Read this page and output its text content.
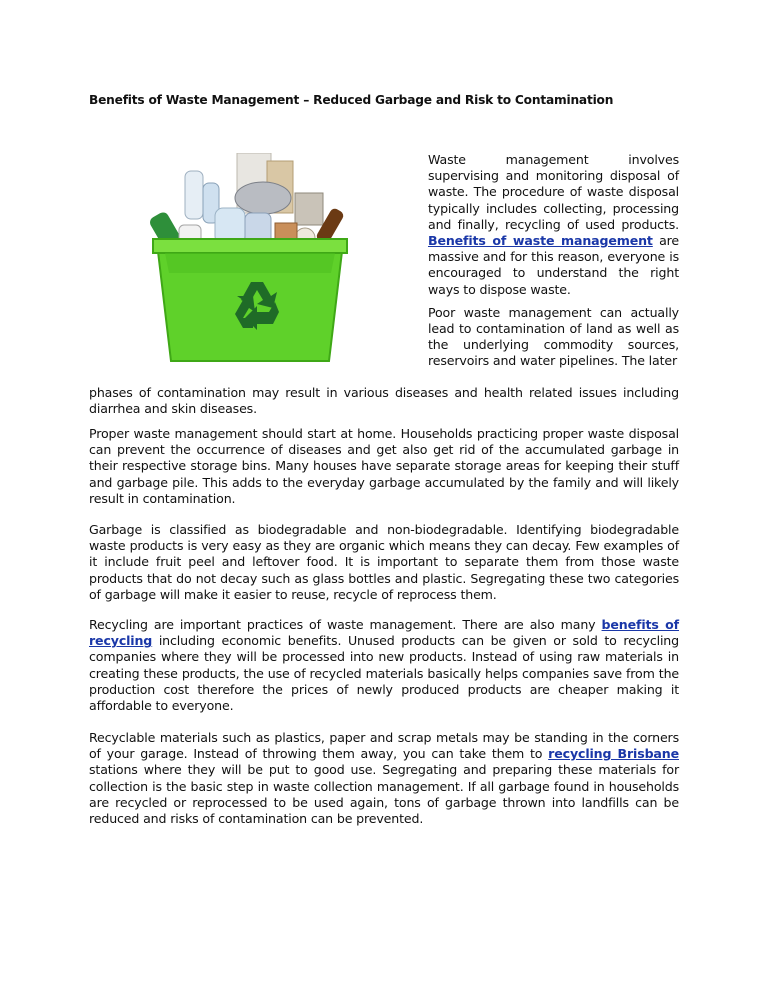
Benefits of Waste Management – Reduced Garbage and Risk to Contamination

Waste management involves supervising and monitoring disposal of waste. The procedure of waste disposal typically includes collecting, processing and finally, recycling of used products. Benefits of waste management are massive and for this reason, everyone is encouraged to understand the right ways to dispose waste.

Poor waste management can actually lead to contamination of land as well as the underlying commodity sources, reservoirs and water pipelines. The later

phases of contamination may result in various diseases and health related issues including diarrhea and skin diseases.

Proper waste management should start at home. Households practicing proper waste disposal can prevent the occurrence of diseases and get also get rid of the accumulated garbage in their respective storage bins. Many houses have separate storage areas for keeping their stuff and garbage pile. This adds to the everyday garbage accumulated by the family and will likely result in contamination.

Garbage is classified as biodegradable and non-biodegradable. Identifying biodegradable waste products is very easy as they are organic which means they can decay. Few examples of it include fruit peel and leftover food. It is important to separate them from those waste products that do not decay such as glass bottles and plastic. Segregating these two categories of garbage will make it easier to reuse, recycle of reprocess them.

Recycling are important practices of waste management. There are also many benefits of recycling including economic benefits. Unused products can be given or sold to recycling companies where they will be processed into new products. Instead of using raw materials in creating these products, the use of recycled materials basically helps companies save from the production cost therefore the prices of newly produced products are cheaper making it affordable to everyone.

Recyclable materials such as plastics, paper and scrap metals may be standing in the corners of your garage. Instead of throwing them away, you can take them to recycling Brisbane stations where they will be put to good use. Segregating and preparing these materials for collection is the basic step in waste collection management. If all garbage found in households are recycled or reprocessed to be used again, tons of garbage thrown into landfills can be reduced and risks of contamination can be prevented.
